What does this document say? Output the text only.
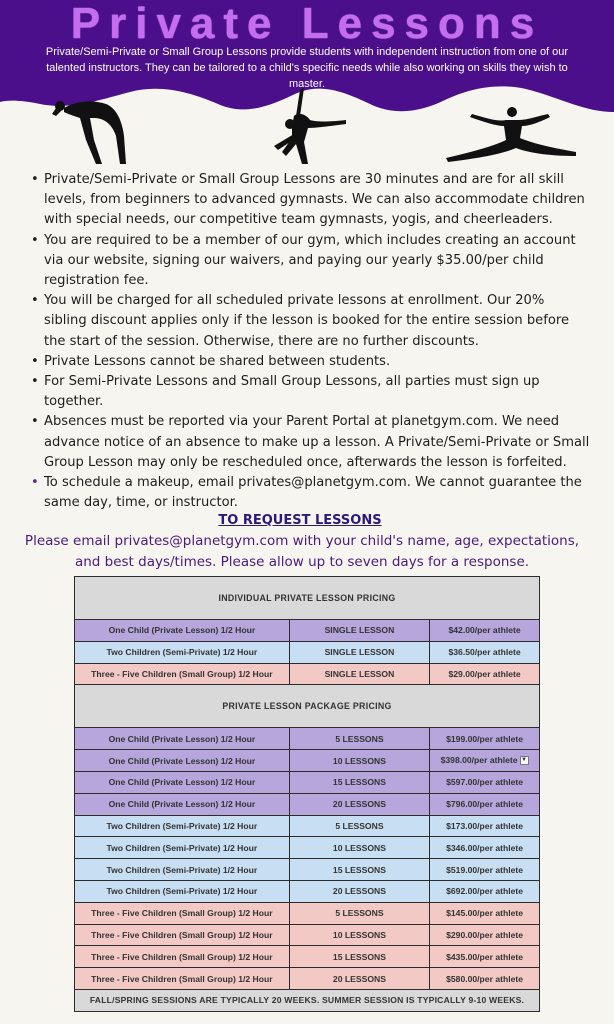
Private Lessons
Private/Semi-Private or Small Group Lessons provide students with independent instruction from one of our talented instructors. They can be tailored to a child's specific needs while also working on skills they wish to master.
• Private/Semi-Private or Small Group Lessons are 30 minutes and are for all skill levels, from beginners to advanced gymnasts. We can also accommodate children with special needs, our competitive team gymnasts, yogis, and cheerleaders.
• You are required to be a member of our gym, which includes creating an account via our website, signing our waivers, and paying our yearly $35.00/per child registration fee.
• You will be charged for all scheduled private lessons at enrollment. Our 20% sibling discount applies only if the lesson is booked for the entire session before the start of the session. Otherwise, there are no further discounts.
• Private Lessons cannot be shared between students.
• For Semi-Private Lessons and Small Group Lessons, all parties must sign up together.
• Absences must be reported via your Parent Portal at planetgym.com. We need advance notice of an absence to make up a lesson. A Private/Semi-Private or Small Group Lesson may only be rescheduled once, afterwards the lesson is forfeited.
• To schedule a makeup, email privates@planetgym.com. We cannot guarantee the same day, time, or instructor.
TO REQUEST LESSONS
Please email privates@planetgym.com with your child's name, age, expectations, and best days/times. Please allow up to seven days for a response.
INDIVIDUAL PRIVATE LESSON PRICING		
One Child (Private Lesson) 1/2 Hour	SINGLE LESSON	$42.00/per athlete
Two Children (Semi-Private) 1/2 Hour	SINGLE LESSON	$36.50/per athlete
Three - Five Children (Small Group) 1/2 Hour	SINGLE LESSON	$29.00/per athlete
PRIVATE LESSON PACKAGE PRICING		
One Child (Private Lesson) 1/2 Hour	5 LESSONS	$199.00/per athlete
One Child (Private Lesson) 1/2 Hour	10 LESSONS	$398.00/per athlete ▼
One Child (Private Lesson) 1/2 Hour	15 LESSONS	$597.00/per athlete
One Child (Private Lesson) 1/2 Hour	20 LESSONS	$796.00/per athlete
Two Children (Semi-Private) 1/2 Hour	5 LESSONS	$173.00/per athlete
Two Children (Semi-Private) 1/2 Hour	10 LESSONS	$346.00/per athlete
Two Children (Semi-Private) 1/2 Hour	15 LESSONS	$519.00/per athlete
Two Children (Semi-Private) 1/2 Hour	20 LESSONS	$692.00/per athlete
Three - Five Children (Small Group) 1/2 Hour	5 LESSONS	$145.00/per athlete
Three - Five Children (Small Group) 1/2 Hour	10 LESSONS	$290.00/per athlete
Three - Five Children (Small Group) 1/2 Hour	15 LESSONS	$435.00/per athlete
Three - Five Children (Small Group) 1/2 Hour	20 LESSONS	$580.00/per athlete
FALL/SPRING SESSIONS ARE TYPICALLY 20 WEEKS. SUMMER SESSION IS TYPICALLY 9-10 WEEKS.		
